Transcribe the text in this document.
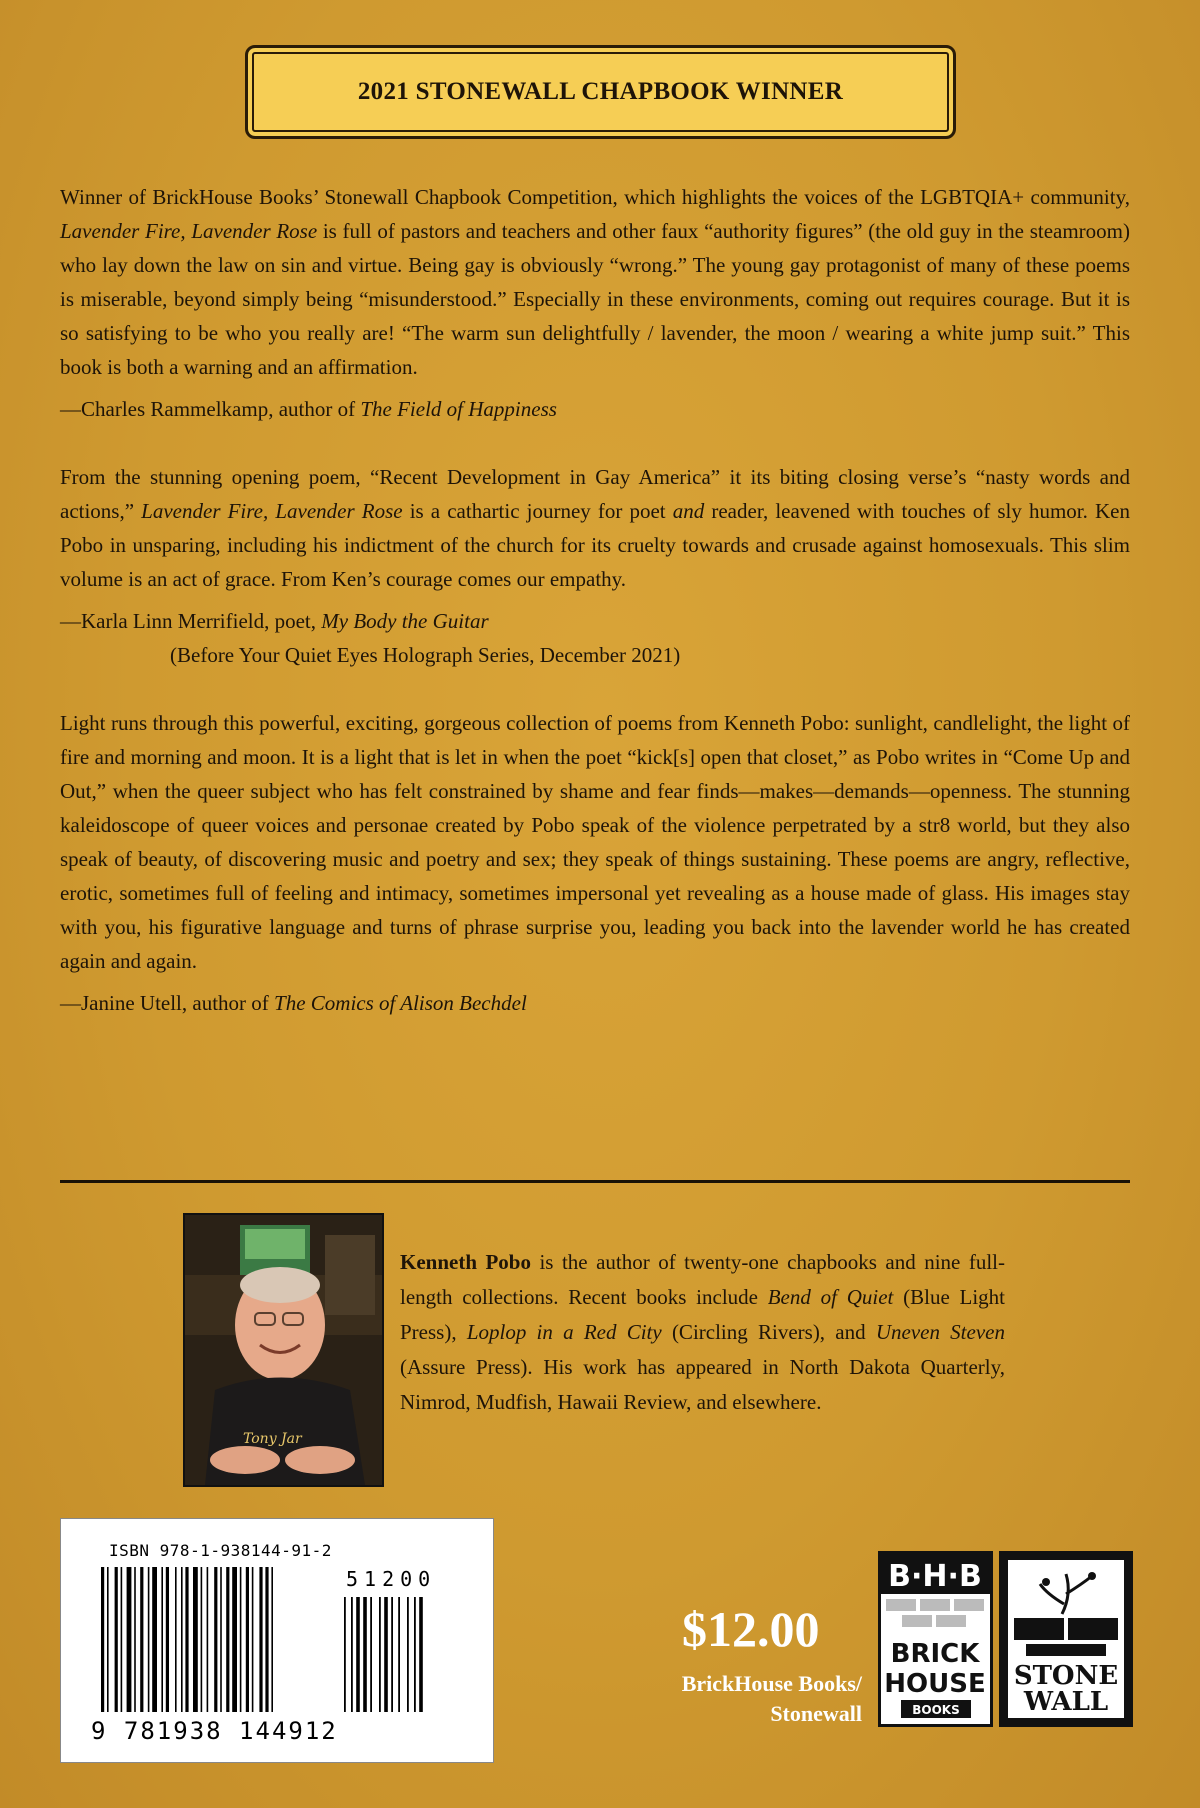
2021 STONEWALL CHAPBOOK WINNER

Winner of BrickHouse Books’ Stonewall Chapbook Competition, which highlights the voices of the LGBTQIA+ community, Lavender Fire, Lavender Rose is full of pastors and teachers and other faux “authority figures” (the old guy in the steamroom) who lay down the law on sin and virtue. Being gay is obviously “wrong.” The young gay protagonist of many of these poems is miserable, beyond simply being “misunderstood.” Especially in these environments, coming out requires courage. But it is so satisfying to be who you really are! “The warm sun delightfully / lavender, the moon / wearing a white jump suit.” This book is both a warning and an affirmation.

—Charles Rammelkamp, author of The Field of Happiness

From the stunning opening poem, “Recent Development in Gay America” it its biting closing verse’s “nasty words and actions,” Lavender Fire, Lavender Rose is a cathartic journey for poet and reader, leavened with touches of sly humor. Ken Pobo in unsparing, including his indictment of the church for its cruelty towards and crusade against homosexuals. This slim volume is an act of grace. From Ken’s courage comes our empathy.

—Karla Linn Merrifield, poet, My Body the Guitar
(Before Your Quiet Eyes Holograph Series, December 2021)

Light runs through this powerful, exciting, gorgeous collection of poems from Kenneth Pobo: sunlight, candlelight, the light of fire and morning and moon. It is a light that is let in when the poet “kick[s] open that closet,” as Pobo writes in “Come Up and Out,” when the queer subject who has felt constrained by shame and fear finds—makes—demands—openness. The stunning kaleidoscope of queer voices and personae created by Pobo speak of the violence perpetrated by a str8 world, but they also speak of beauty, of discovering music and poetry and sex; they speak of things sustaining. These poems are angry, reflective, erotic, sometimes full of feeling and intimacy, sometimes impersonal yet revealing as a house made of glass. His images stay with you, his figurative language and turns of phrase surprise you, leading you back into the lavender world he has created again and again.

—Janine Utell, author of The Comics of Alison Bechdel
Tony Jar
Kenneth Pobo is the author of twenty-one chapbooks and nine full-length collections. Recent books include Bend of Quiet (Blue Light Press), Loplop in a Red City (Circling Rivers), and Uneven Steven (Assure Press). His work has appeared in North Dakota Quarterly, Nimrod, Mudfish, Hawaii Review, and elsewhere.
ISBN 978-1-938144-91-2
51200
9 781938 144912
$12.00
BrickHouse Books/
Stonewall
B·H·B
BRICK
HOUSE
BOOKS
STONE
WALL
